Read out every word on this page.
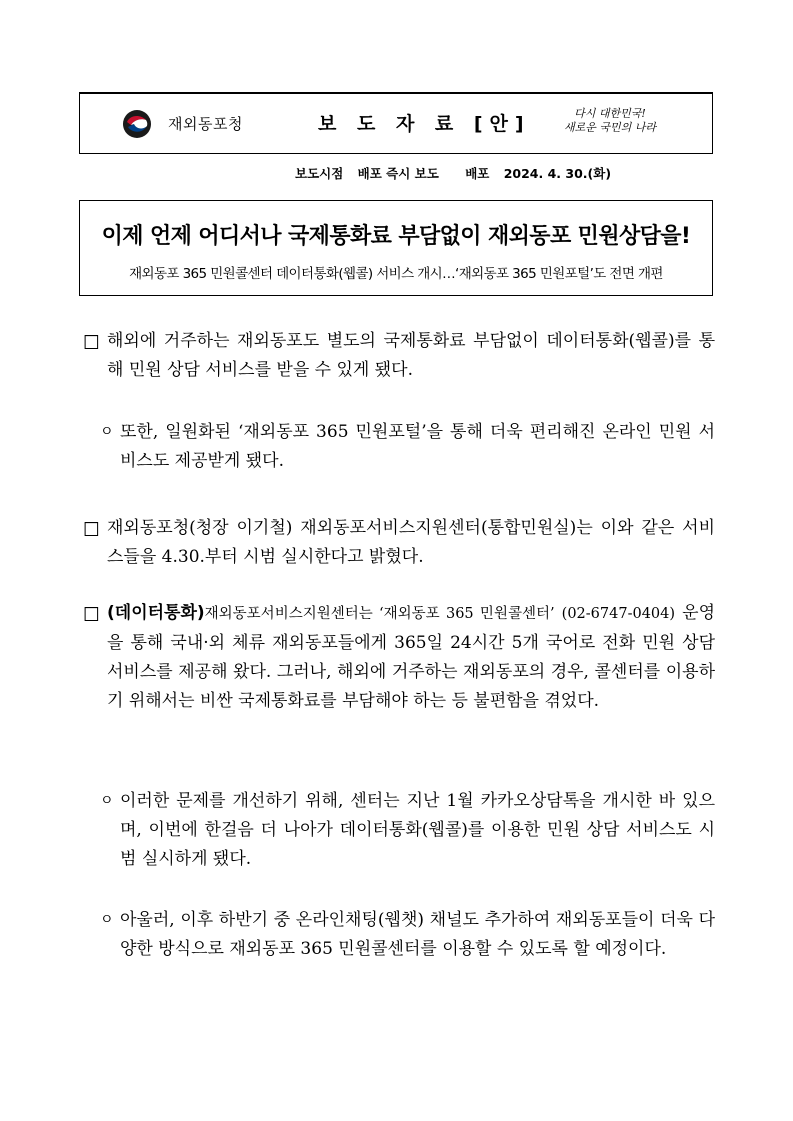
재외동포청	보 도 자 료 [안]	다시 대한민국!
새로운 국민의 나라
보도시점 배포 즉시 보도 배포 2024. 4. 30.(화)
이제 언제 어디서나 국제통화료 부담없이 재외동포 민원상담을!
재외동포 365 민원콜센터 데이터통화(웹콜) 서비스 개시…‘재외동포 365 민원포털’도 전면 개편
☐ 해외에 거주하는 재외동포도 별도의 국제통화료 부담없이 데이터통화(웹콜)를 통해 민원 상담 서비스를 받을 수 있게 됐다.
ㅇ 또한, 일원화된 ‘재외동포 365 민원포털’을 통해 더욱 편리해진 온라인 민원 서비스도 제공받게 됐다.
☐ 재외동포청(청장 이기철) 재외동포서비스지원센터(통합민원실)는 이와 같은 서비스들을 4.30.부터 시범 실시한다고 밝혔다.
☐ (데이터통화)재외동포서비스지원센터는 ‘재외동포 365 민원콜센터’ (02-6747-0404) 운영을 통해 국내·외 체류 재외동포들에게 365일 24시간 5개 국어로 전화 민원 상담 서비스를 제공해 왔다. 그러나, 해외에 거주하는 재외동포의 경우, 콜센터를 이용하기 위해서는 비싼 국제통화료를 부담해야 하는 등 불편함을 겪었다.
ㅇ 이러한 문제를 개선하기 위해, 센터는 지난 1월 카카오상담톡을 개시한 바 있으며, 이번에 한걸음 더 나아가 데이터통화(웹콜)를 이용한 민원 상담 서비스도 시범 실시하게 됐다.
ㅇ 아울러, 이후 하반기 중 온라인채팅(웹챗) 채널도 추가하여 재외동포들이 더욱 다양한 방식으로 재외동포 365 민원콜센터를 이용할 수 있도록 할 예정이다.
